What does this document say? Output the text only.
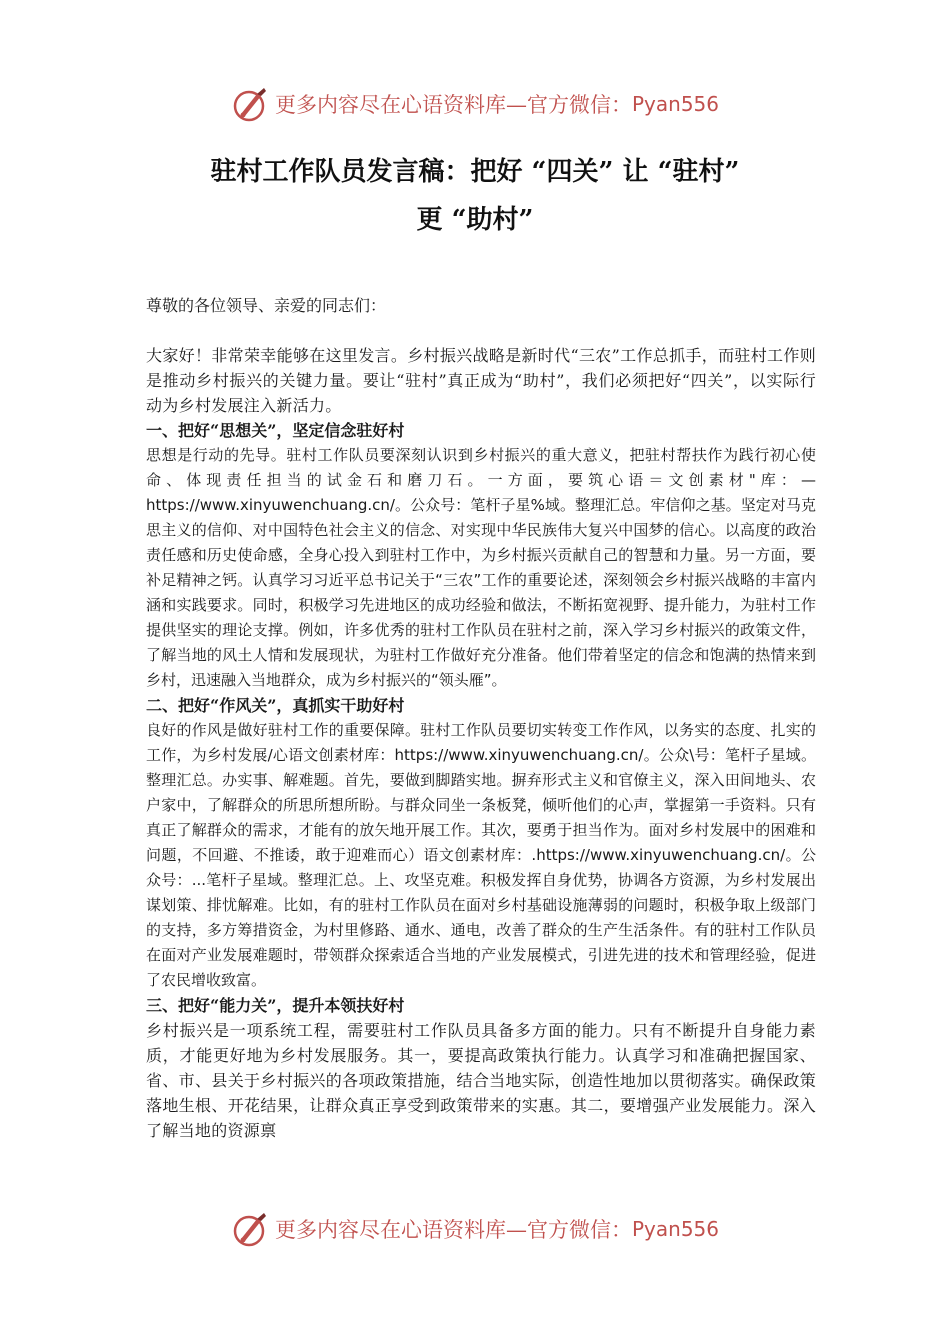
更多内容尽在心语资料库—官方微信： Pyan556
驻村工作队员发言稿：把好 “四关” 让 “驻村”
更 “助村”
尊敬的各位领导、亲爱的同志们：

大家好！非常荣幸能够在这里发言。乡村振兴战略是新时代“三农”工作总抓手，而驻村工作则是推动乡村振兴的关键力量。要让“驻村”真正成为“助村”，我们必须把好“四关”，以实际行动为乡村发展注入新活力。

一、把好“思想关”，坚定信念驻好村

思想是行动的先导。驻村工作队员要深刻认识到乡村振兴的重大意义，把驻村帮扶作为践行初心使命、体现责任担当的试金石和磨刀石。一方面，要筑心语＝文创素材"库：—https://www.xinyuwenchuang.cn/。公众号：笔杆子星%域。整理汇总。牢信仰之基。坚定对马克思主义的信仰、对中国特色社会主义的信念、对实现中华民族伟大复兴中国梦的信心。以高度的政治责任感和历史使命感，全身心投入到驻村工作中，为乡村振兴贡献自己的智慧和力量。另一方面，要补足精神之钙。认真学习习近平总书记关于“三农”工作的重要论述，深刻领会乡村振兴战略的丰富内涵和实践要求。同时，积极学习先进地区的成功经验和做法，不断拓宽视野、提升能力，为驻村工作提供坚实的理论支撑。例如，许多优秀的驻村工作队员在驻村之前，深入学习乡村振兴的政策文件，了解当地的风土人情和发展现状，为驻村工作做好充分准备。他们带着坚定的信念和饱满的热情来到乡村，迅速融入当地群众，成为乡村振兴的“领头雁”。

二、把好“作风关”，真抓实干助好村

良好的作风是做好驻村工作的重要保障。驻村工作队员要切实转变工作作风，以务实的态度、扎实的工作，为乡村发展/心语文创素材库：https://www.xinyuwenchuang.cn/。公众\号：笔杆子星域。整理汇总。办实事、解难题。首先，要做到脚踏实地。摒弃形式主义和官僚主义，深入田间地头、农户家中，了解群众的所思所想所盼。与群众同坐一条板凳，倾听他们的心声，掌握第一手资料。只有真正了解群众的需求，才能有的放矢地开展工作。其次，要勇于担当作为。面对乡村发展中的困难和问题，不回避、不推诿，敢于迎难而心）语文创素材库：.https://www.xinyuwenchuang.cn/。公众号：...笔杆子星域。整理汇总。上、攻坚克难。积极发挥自身优势，协调各方资源，为乡村发展出谋划策、排忧解难。比如，有的驻村工作队员在面对乡村基础设施薄弱的问题时，积极争取上级部门的支持，多方筹措资金，为村里修路、通水、通电，改善了群众的生产生活条件。有的驻村工作队员在面对产业发展难题时，带领群众探索适合当地的产业发展模式，引进先进的技术和管理经验，促进了农民增收致富。

三、把好“能力关”，提升本领扶好村

乡村振兴是一项系统工程，需要驻村工作队员具备多方面的能力。只有不断提升自身能力素质，才能更好地为乡村发展服务。其一，要提高政策执行能力。认真学习和准确把握国家、省、市、县关于乡村振兴的各项政策措施，结合当地实际，创造性地加以贯彻落实。确保政策落地生根、开花结果，让群众真正享受到政策带来的实惠。其二，要增强产业发展能力。深入了解当地的资源禀

更多内容尽在心语资料库—官方微信： Pyan556
